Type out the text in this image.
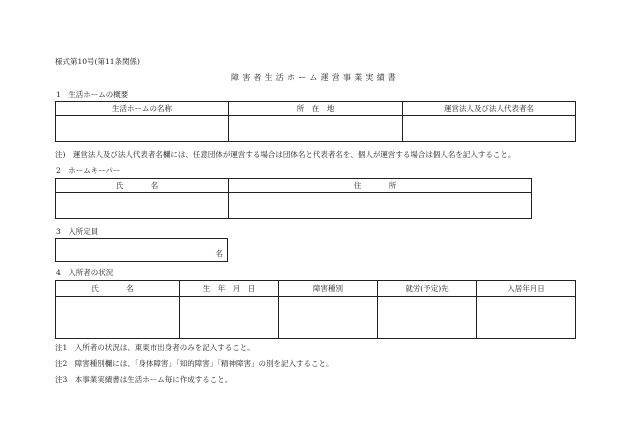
様式第10号(第11条関係)
障害者生活ホーム運営事業実績書
1　生活ホームの概要
生活ホームの名称	所　在　地	運営法人及び法人代表者名

注)　運営法人及び法人代表者名欄には、任意団体が運営する場合は団体名と代表者名を、個人が運営する場合は個人名を記入すること。
2　ホームキーパー
氏　名	住　所

3　入所定員
名
4　入所者の状況
氏　名	生　年　月　日	障害種別	就労(予定)先	入居年月日

注1　入所者の状況は、東東市出身者のみを記入すること。
注2　障害種別欄には、「身体障害」「知的障害」「精神障害」の別を記入すること。
注3　本事業実績書は生活ホーム毎に作成すること。
